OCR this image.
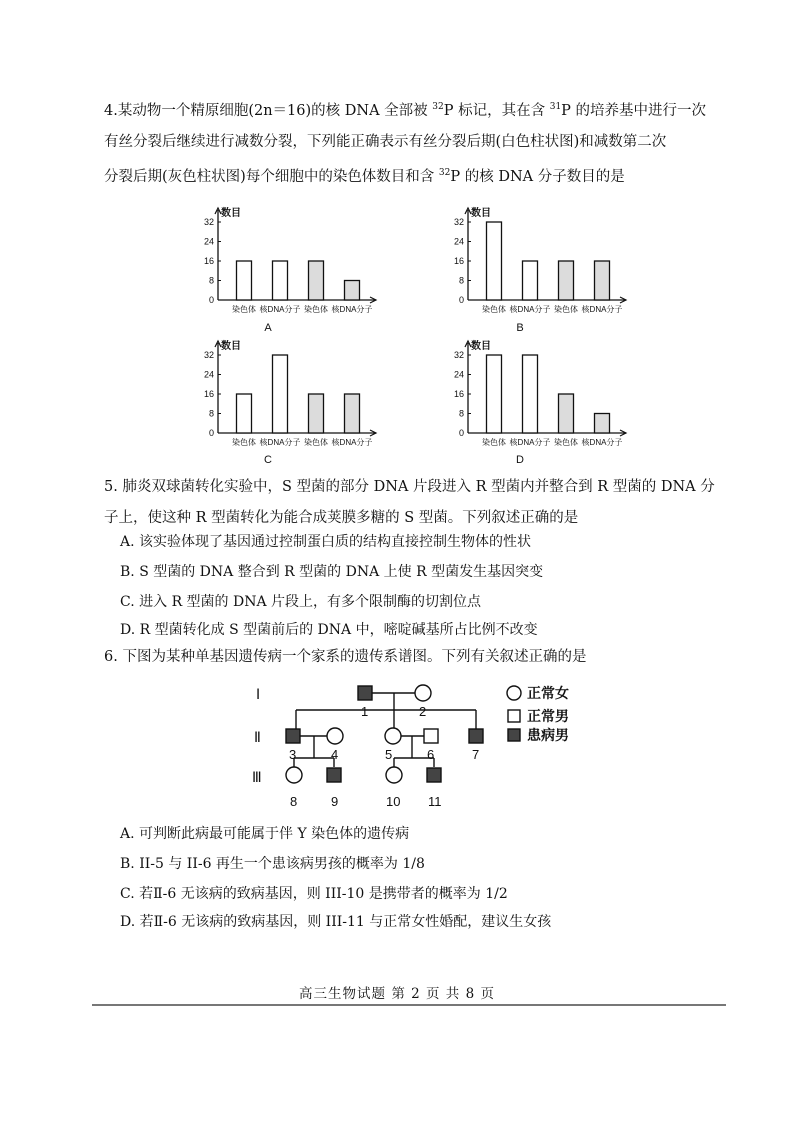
4.某动物一个精原细胞(2n＝16)的核 DNA 全部被 $^{32}$P 标记，其在含 $^{31}$P 的培养基中进行一次
有丝分裂后继续进行减数分裂，下列能正确表示有丝分裂后期(白色柱状图)和减数第二次
分裂后期(灰色柱状图)每个细胞中的染色体数目和含 $^{32}$P 的核 DNA 分子数目的是
数目
0
8
16
24
32
染色体 核DNA分子 染色体 核DNA分子
数目
0
8
16
24
32
染色体 核DNA分子 染色体 核DNA分子
数目
0
8
16
24
32
染色体 核DNA分子 染色体 核DNA分子
数目
0
8
16
24
32
染色体 核DNA分子 染色体 核DNA分子
A	B
C	D
5. 肺炎双球菌转化实验中，S 型菌的部分 DNA 片段进入 R 型菌内并整合到 R 型菌的 DNA 分
子上，使这种 R 型菌转化为能合成荚膜多糖的 S 型菌。下列叙述正确的是
A. 该实验体现了基因通过控制蛋白质的结构直接控制生物体的性状
B. S 型菌的 DNA 整合到 R 型菌的 DNA 上使 R 型菌发生基因突变
C. 进入 R 型菌的 DNA 片段上，有多个限制酶的切割位点
D. R 型菌转化成 S 型菌前后的 DNA 中，嘧啶碱基所占比例不改变
6. 下图为某种单基因遗传病一个家系的遗传系谱图。下列有关叙述正确的是
Ⅰ
Ⅱ
Ⅲ
1	2
3	4	5	6	7
8	9	10 11
正常女
正常男
患病男
A. 可判断此病最可能属于伴 Y 染色体的遗传病
B. II-5 与 II-6 再生一个患该病男孩的概率为 1/8
C. 若Ⅱ-6 无该病的致病基因，则 III-10 是携带者的概率为 1/2
D. 若Ⅱ-6 无该病的致病基因，则 III-11 与正常女性婚配，建议生女孩
高三生物试题 第 2 页 共 8 页
